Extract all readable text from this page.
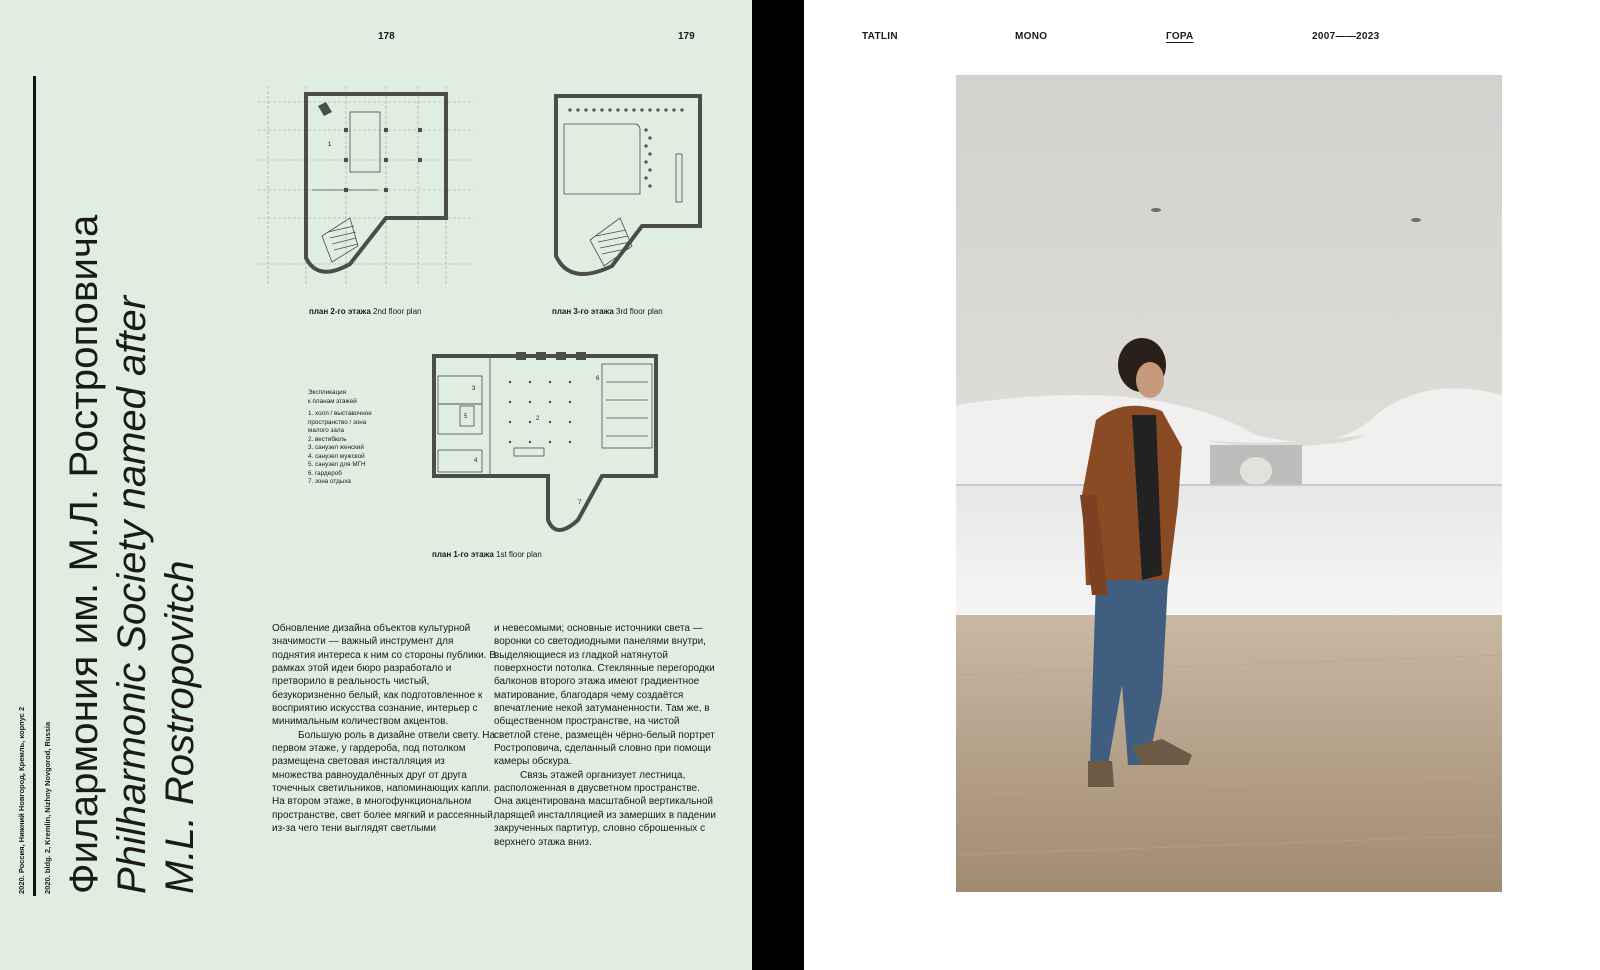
178	179
2020. Россия, Нижний Новгород, Кремль, корпус 2 2020. bldg. 2, Kremlin, Nizhny Novgorod, Russia Филармония им. М.Л. Ростроповича Philharmonic Society named after M.L. Rostropovitch
1
план 2-го этажа 2nd floor plan	план 3-го этажа 3rd floor plan
Экспликация
к планам этажей
1. холл / выставочное
пространство / зона
малого зала
2. вестибюль
3. санузел женский
4. санузел мужской
5. санузел для МГН
6. гардероб
7. зона отдыха
2
3
4
5
6
7
план 1-го этажа 1st floor plan

Обновление дизайна объектов культурной значимости — важный инструмент для поднятия интереса к ним со стороны публики. В рамках этой идеи бюро разработало и претворило в реальность чистый, безукоризненно белый, как подготовленное к восприятию искусства сознание, интерьер с минимальным количеством акцентов.

Большую роль в дизайне отвели свету. На первом этаже, у гардероба, под потолком размещена световая инсталляция из множества равноудалённых друг от друга точечных светильников, напоминающих капли. На втором этаже, в многофункциональном пространстве, свет более мягкий и рассеянный, из-за чего тени выглядят светлыми

и невесомыми; основные источники света — воронки со светодиодными панелями внутри, выделяющиеся из гладкой натянутой поверхности потолка. Стеклянные перегородки балконов второго этажа имеют градиентное матирование, благодаря чему создаётся впечатление некой затуманенности. Там же, в общественном пространстве, на чистой светлой стене, размещён чёрно-белый портрет Ростроповича, сделанный словно при помощи камеры обскура.

Связь этажей организует лестница, расположенная в двусветном пространстве. Она акцентирована масштабной вертикальной парящей инсталляцией из замерших в падении закрученных партитур, словно сброшенных с верхнего этажа вниз.

TATLIN	MONO	ГОРА	2007——2023
